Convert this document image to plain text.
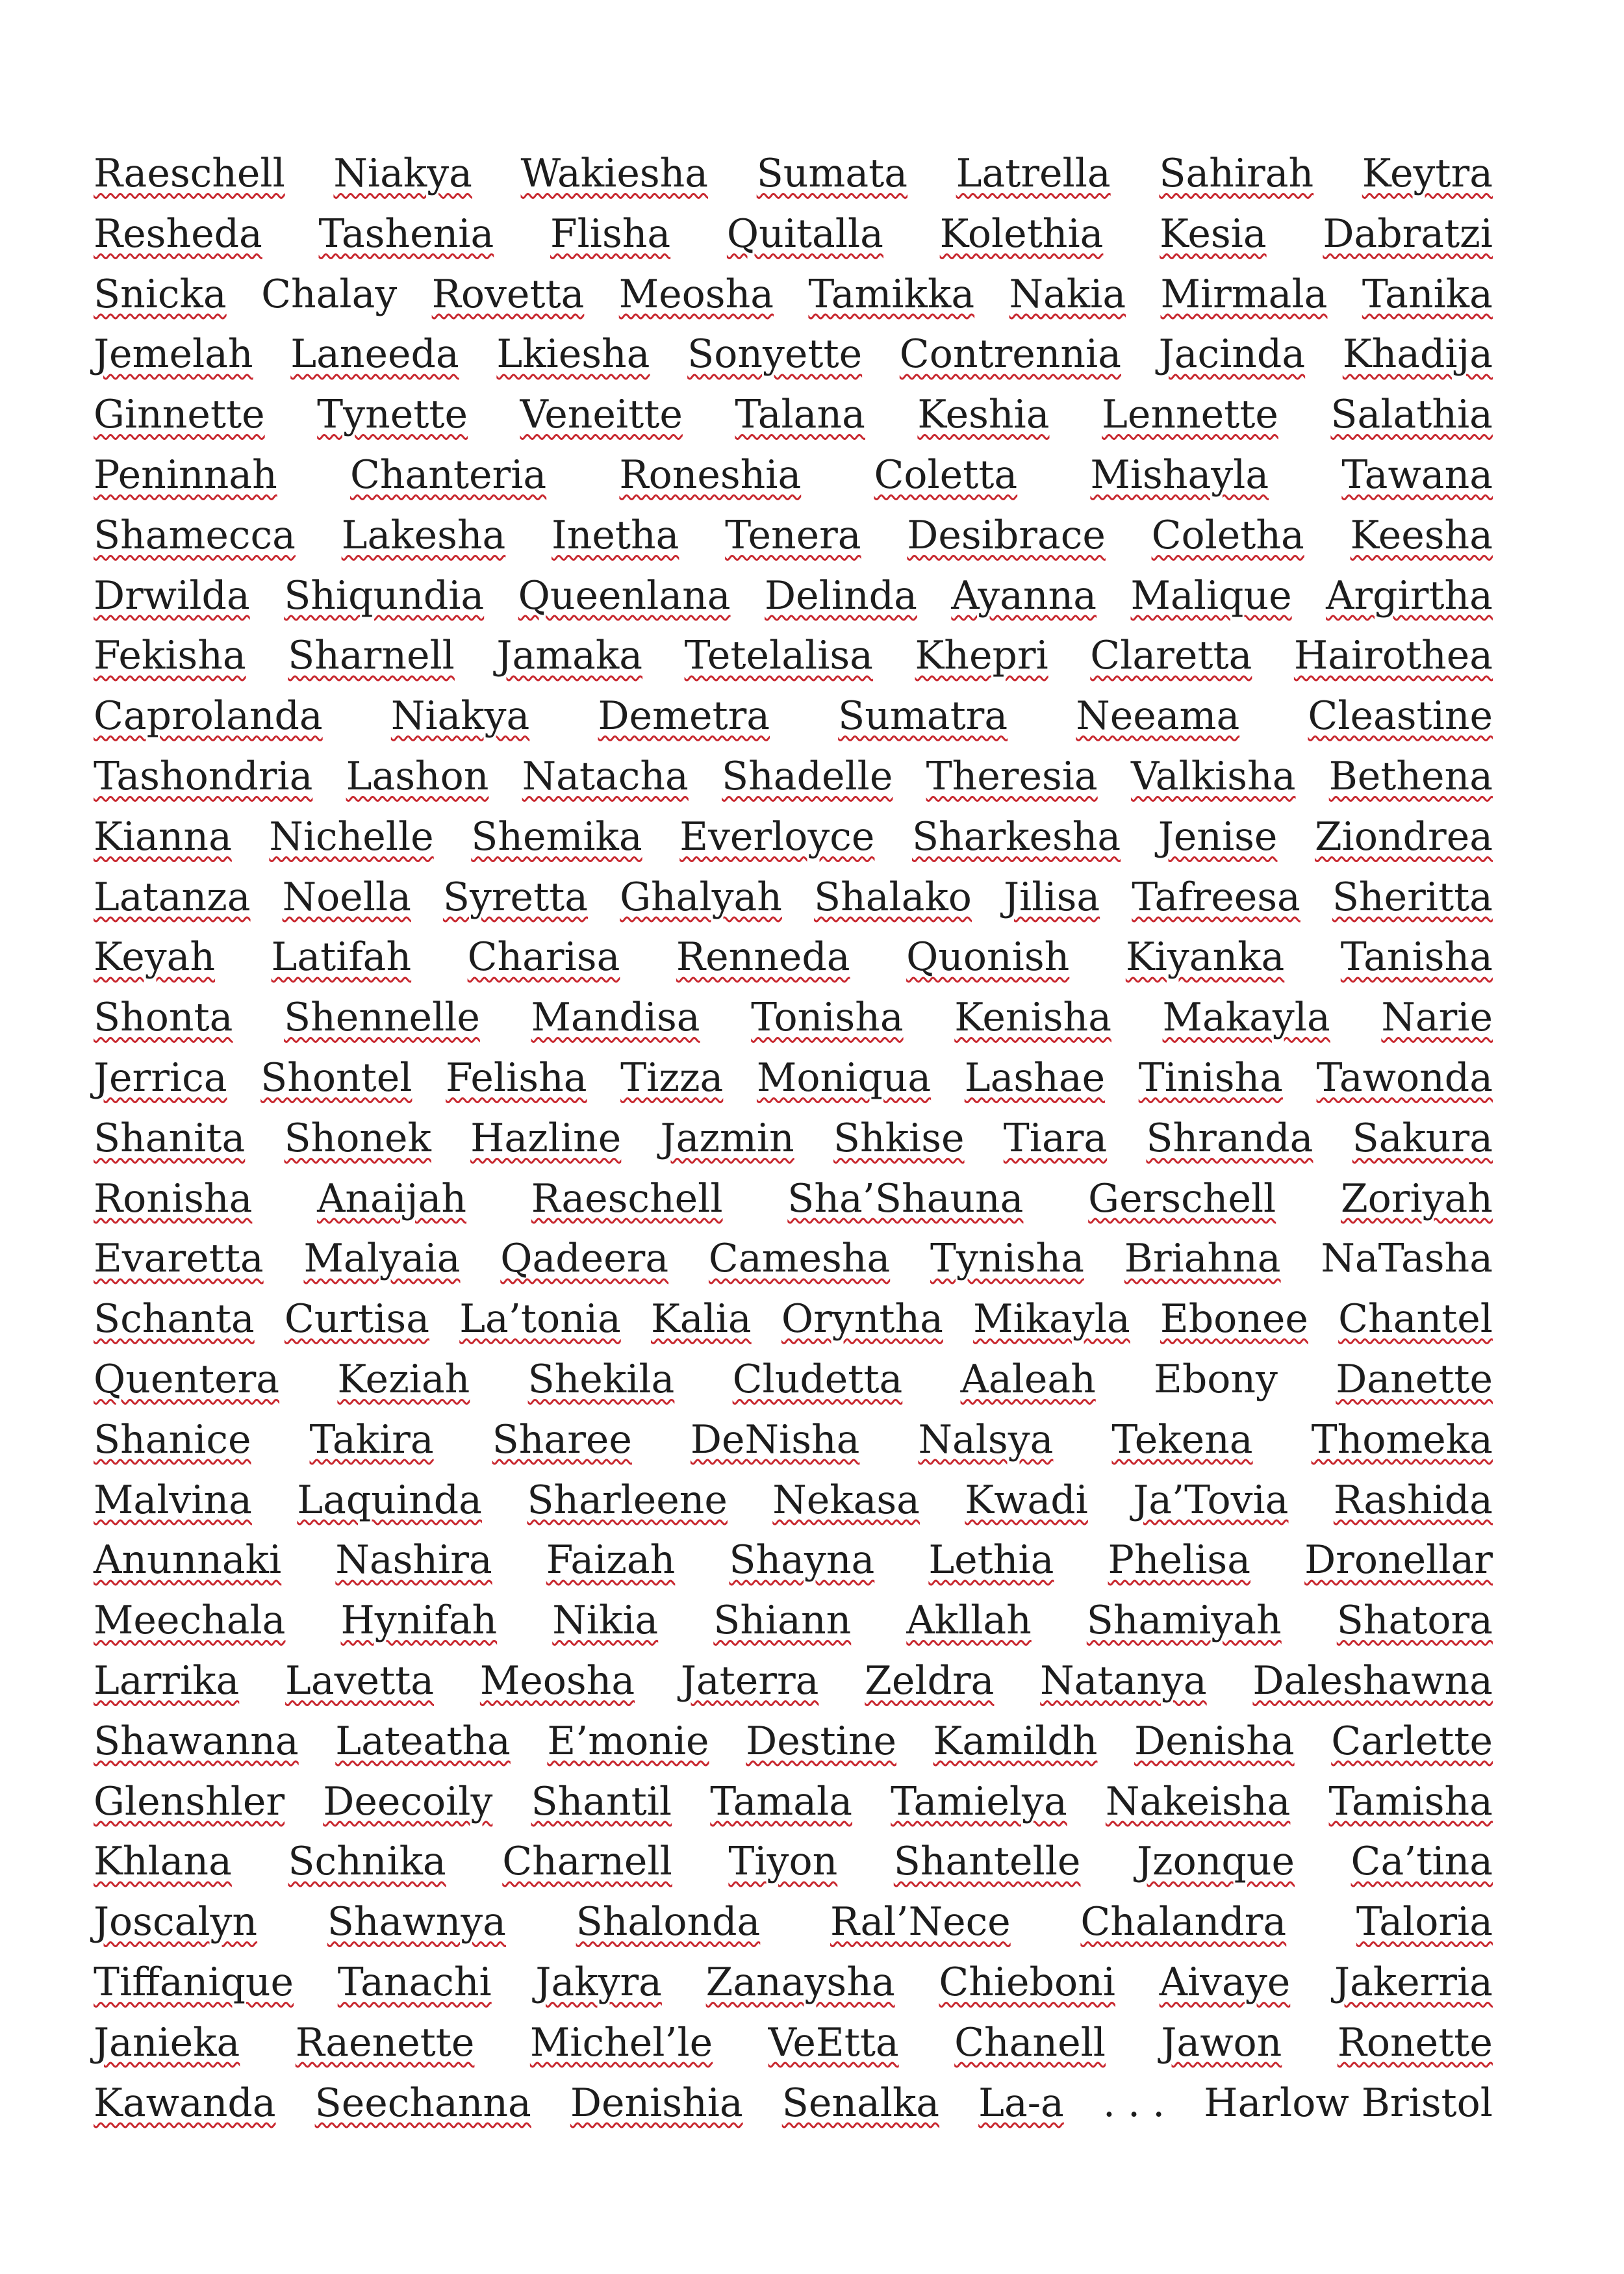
Raeschell Niakya Wakiesha Sumata Latrella Sahirah Keytra
Resheda Tashenia Flisha Quitalla Kolethia Kesia Dabratzi
Snicka Chalay Rovetta Meosha Tamikka Nakia Mirmala Tanika
Jemelah Laneeda Lkiesha Sonyette Contrennia Jacinda Khadija
Ginnette Tynette Veneitte Talana Keshia Lennette Salathia
Peninnah Chanteria Roneshia Coletta Mishayla Tawana
Shamecca Lakesha Inetha Tenera Desibrace Coletha Keesha
Drwilda Shiqundia Queenlana Delinda Ayanna Malique Argirtha
Fekisha Sharnell Jamaka Tetelalisa Khepri Claretta Hairothea
Caprolanda Niakya Demetra Sumatra Neeama Cleastine
Tashondria Lashon Natacha Shadelle Theresia Valkisha Bethena
Kianna Nichelle Shemika Everloyce Sharkesha Jenise Ziondrea
Latanza Noella Syretta Ghalyah Shalako Jilisa Tafreesa Sheritta
Keyah Latifah Charisa Renneda Quonish Kiyanka Tanisha
Shonta Shennelle Mandisa Tonisha Kenisha Makayla Narie
Jerrica Shontel Felisha Tizza Moniqua Lashae Tinisha Tawonda
Shanita Shonek Hazline Jazmin Shkise Tiara Shranda Sakura
Ronisha Anaijah Raeschell Sha’Shauna Gerschell Zoriyah
Evaretta Malyaia Qadeera Camesha Tynisha Briahna NaTasha
Schanta Curtisa La’tonia Kalia Oryntha Mikayla Ebonee Chantel
Quentera Keziah Shekila Cludetta Aaleah Ebony Danette
Shanice Takira Sharee DeNisha Nalsya Tekena Thomeka
Malvina Laquinda Sharleene Nekasa Kwadi Ja’Tovia Rashida
Anunnaki Nashira Faizah Shayna Lethia Phelisa Dronellar
Meechala Hynifah Nikia Shiann Akllah Shamiyah Shatora
Larrika Lavetta Meosha Jaterra Zeldra Natanya Daleshawna
Shawanna Lateatha E’monie Destine Kamildh Denisha Carlette
Glenshler Deecoily Shantil Tamala Tamielya Nakeisha Tamisha
Khlana Schnika Charnell Tiyon Shantelle Jzonque Ca’tina
Joscalyn Shawnya Shalonda Ral’Nece Chalandra Taloria
Tiffanique Tanachi Jakyra Zanaysha Chieboni Aivaye Jakerria
Janieka Raenette Michel’le VeEtta Chanell Jawon Ronette
Kawanda Seechanna Denishia Senalka La-a . . . Harlow Bristol
